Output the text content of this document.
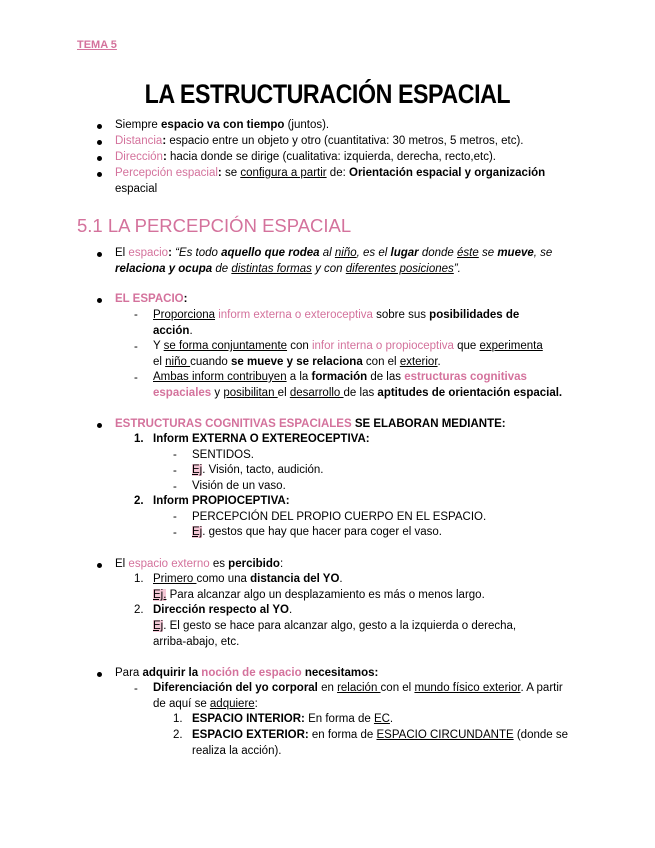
TEMA 5
LA ESTRUCTURACIÓN ESPACIAL
Siempre espacio va con tiempo (juntos).
Distancia: espacio entre un objeto y otro (cuantitativa: 30 metros, 5 metros, etc).
Dirección: hacia donde se dirige (cualitativa: izquierda, derecha, recto,etc).
Percepción espacial: se configura a partir de: Orientación espacial y organización
espacial
5.1 LA PERCEPCIÓN ESPACIAL
El espacio: “Es todo aquello que rodea al niño, es el lugar donde éste se mueve, se
relaciona y ocupa de distintas formas y con diferentes posiciones”.
EL ESPACIO:
- Proporciona inform externa o exteroceptiva sobre sus posibilidades de
acción.
- Y se forma conjuntamente con infor interna o propioceptiva que experimenta
el niño cuando se mueve y se relaciona con el exterior.
- Ambas inform contribuyen a la formación de las estructuras cognitivas
espaciales y posibilitan el desarrollo de las aptitudes de orientación espacial.
ESTRUCTURAS COGNITIVAS ESPACIALES SE ELABORAN MEDIANTE:
1. Inform EXTERNA O EXTEREOCEPTIVA:
- SENTIDOS.
- Ej. Visión, tacto, audición.
- Visión de un vaso.
2. Inform PROPIOCEPTIVA:
- PERCEPCIÓN DEL PROPIO CUERPO EN EL ESPACIO.
- Ej. gestos que hay que hacer para coger el vaso.
El espacio externo es percibido:
1. Primero como una distancia del YO.
Ej. Para alcanzar algo un desplazamiento es más o menos largo.
2. Dirección respecto al YO.
Ej. El gesto se hace para alcanzar algo, gesto a la izquierda o derecha,
arriba-abajo, etc.
Para adquirir la noción de espacio necesitamos:
- Diferenciación del yo corporal en relación con el mundo físico exterior. A partir
de aquí se adquiere:
1. ESPACIO INTERIOR: En forma de EC.
2. ESPACIO EXTERIOR: en forma de ESPACIO CIRCUNDANTE (donde se
realiza la acción).
